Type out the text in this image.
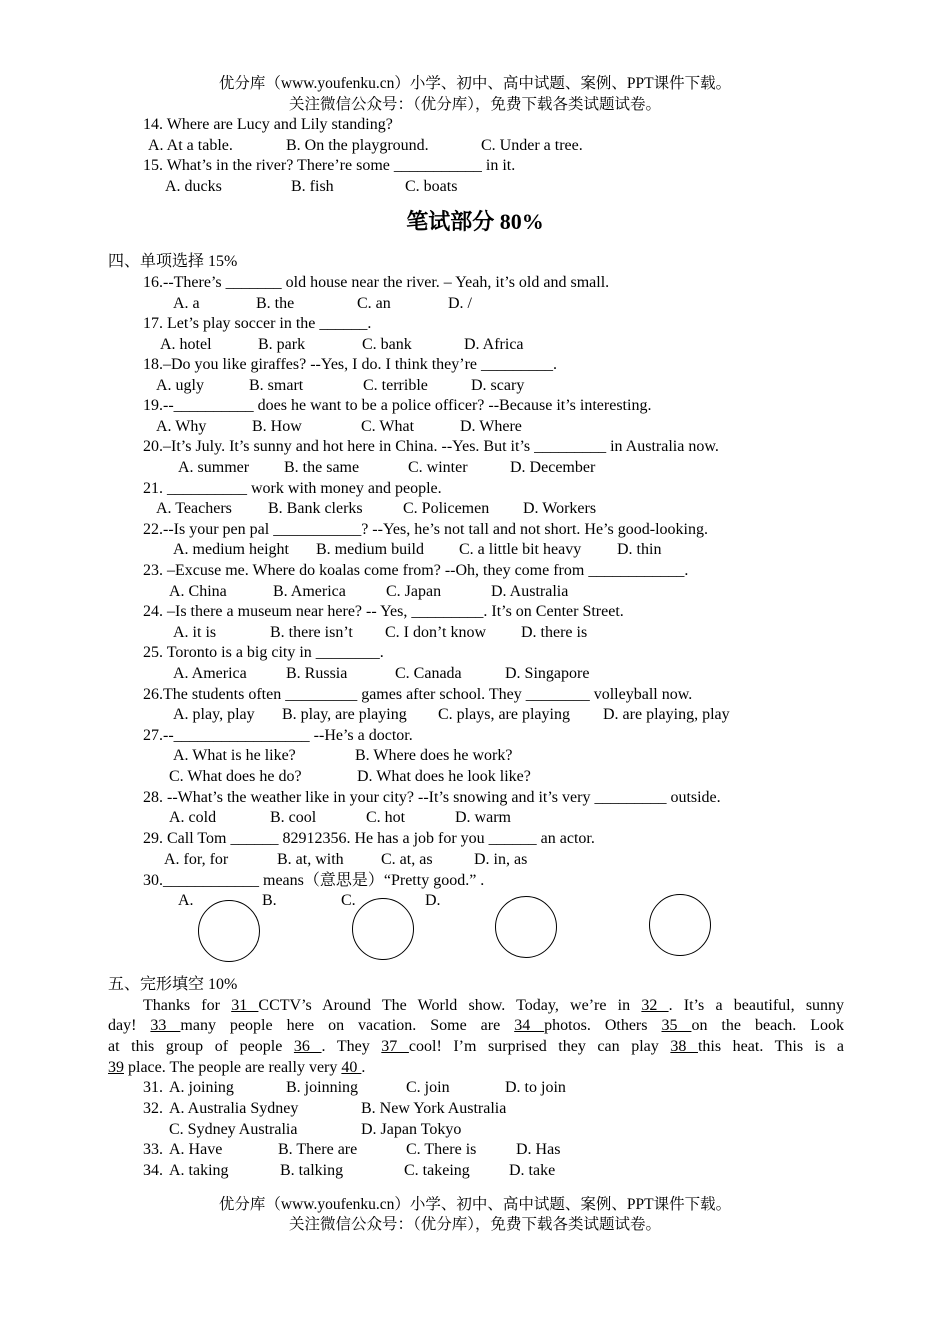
优分库（www.youfenku.cn）小学、初中、高中试题、案例、PPT课件下载。
关注微信公众号：（优分库），免费下载各类试题试卷。
14. Where are Lucy and Lily standing?
A. At a table.	B. On the playground.	C. Under a tree.
15. What’s in the river? There’re some ___________ in it.
A. ducks	B. fish	C. boats
笔试部分 80%
四、单项选择 15%
16.--There’s _______ old house near the river. – Yeah, it’s old and small.
A. a	B. the	C. an	D. /
17. Let’s play soccer in the ______.
A. hotel	B. park	C. bank	D. Africa
18.–Do you like giraffes? --Yes, I do. I think they’re _________.
A. ugly	B. smart	C. terrible	D. scary
19.--__________ does he want to be a police officer? --Because it’s interesting.
A. Why	B. How	C. What	D. Where
20.–It’s July. It’s sunny and hot here in China. --Yes. But it’s _________ in Australia now.
A. summer B. the same	C. winter	D. December
21. __________ work with money and people.
A. Teachers B. Bank clerks	C. Policemen D. Workers
22.--Is your pen pal ___________? --Yes, he’s not tall and not short. He’s good-looking.
A. medium height B. medium build C. a little bit heavy D. thin
23. –Excuse me. Where do koalas come from? --Oh, they come from ____________.
A. China	B. America	C. Japan	D. Australia
24. –Is there a museum near here? -- Yes, _________. It’s on Center Street.
A. it is	B. there isn’t C. I don’t know D. there is
25. Toronto is a big city in ________.
A. America B. Russia	C. Canada	D. Singapore
26.The students often _________ games after school. They ________ volleyball now.
A. play, play B. play, are playing C. plays, are playing D. are playing, play
27.--_________________ --He’s a doctor.
A. What is he like?	B. Where does he work?
C. What does he do?	D. What does he look like?
28. --What’s the weather like in your city? --It’s snowing and it’s very _________ outside.
A. cold	B. cool	C. hot	D. warm
29. Call Tom ______ 82912356. He has a job for you ______ an actor.
A. for, for	B. at, with C. at, as	D. in, as
30.____________ means（意思是）“Pretty good.” .
A.	B.	C.	D.
五、完形填空 10%
Thanks for 31 CCTV’s Around The World show. Today, we’re in 32 . It’s a beautiful, sunny
day! 33 many people here on vacation. Some are 34 photos. Others 35 on the beach. Look
at this group of people 36 . They 37 cool! I’m surprised they can play 38 this heat. This is a
39 place. The people are really very 40 .
31. A. joining	B. joinning	C. join	D. to join
32. A. Australia Sydney	B. New York Australia
C. Sydney Australia	D. Japan Tokyo
33. A. Have	B. There are	C. There is D. Has
34. A. taking	B. talking	C. takeing D. take
优分库（www.youfenku.cn）小学、初中、高中试题、案例、PPT课件下载。
关注微信公众号：（优分库），免费下载各类试题试卷。
